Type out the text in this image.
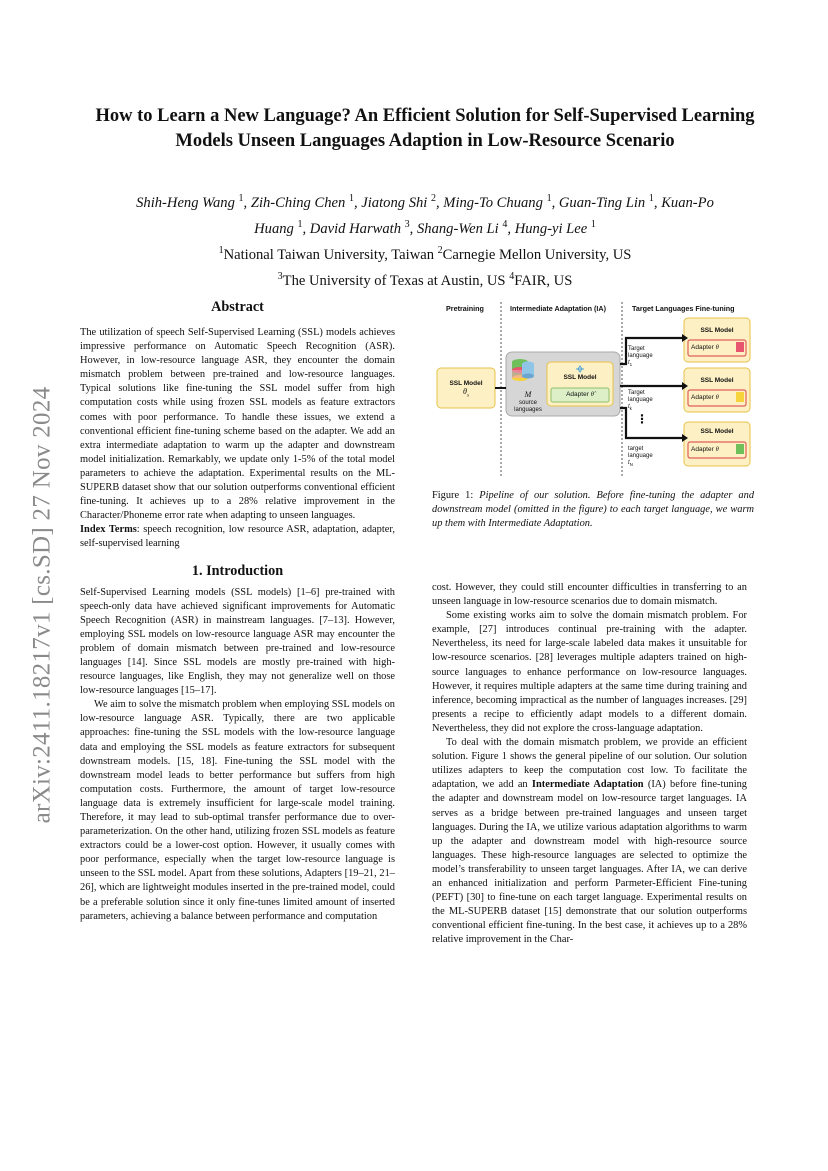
arXiv:2411.18217v1 [cs.SD] 27 Nov 2024
How to Learn a New Language? An Efficient Solution for Self-Supervised Learning Models Unseen Languages Adaption in Low-Resource Scenario
Shih-Heng Wang $^1$, Zih-Ching Chen $^1$, Jiatong Shi $^2$, Ming-To Chuang $^1$, Guan-Ting Lin $^1$, Kuan-Po
Huang $^1$, David Harwath $^3$, Shang-Wen Li $^4$, Hung-yi Lee $^1$

$^1$National Taiwan University, Taiwan $^2$Carnegie Mellon University, US

$^3$The University of Texas at Austin, US $^4$FAIR, US

Abstract

The utilization of speech Self-Supervised Learning (SSL) models achieves impressive performance on Automatic Speech Recognition (ASR). However, in low-resource language ASR, they encounter the domain mismatch problem between pre-trained and low-resource languages. Typical solutions like fine-tuning the SSL model suffer from high computation costs while using frozen SSL models as feature extractors comes with poor performance. To handle these issues, we extend a conventional efficient fine-tuning scheme based on the adapter. We add an extra intermediate adaptation to warm up the adapter and downstream model initialization. Remarkably, we update only 1-5% of the total model parameters to achieve the adaptation. Experimental results on the ML-SUPERB dataset show that our solution outperforms conventional efficient fine-tuning. It achieves up to a 28% relative improvement in the Character/Phoneme error rate when adapting to unseen languages.

Index Terms: speech recognition, low resource ASR, adaptation, adapter, self-supervised learning

1. Introduction

Self-Supervised Learning models (SSL models) [1–6] pre-trained with speech-only data have achieved significant improvements for Automatic Speech Recognition (ASR) in mainstream languages. [7–13]. However, employing SSL models on low-resource language ASR may encounter the problem of domain mismatch between pre-trained and low-resource languages [14]. Since SSL models are mostly pre-trained with high-resource languages, like English, they may not generalize well on those low-resource languages [15–17].

We aim to solve the mismatch problem when employing SSL models on low-resource language ASR. Typically, there are two applicable approaches: fine-tuning the SSL models with the low-resource language data and employing the SSL models as feature extractors for subsequent downstream models. [15, 18]. Fine-tuning the SSL model with the downstream model leads to better performance but suffers from high computation costs. Furthermore, the amount of target low-resource language data is extremely insufficient for large-scale model training. Therefore, it may lead to sub-optimal transfer performance due to over-parameterization. On the other hand, utilizing frozen SSL models as feature extractors could be a lower-cost option. However, it usually comes with poor performance, especially when the target low-resource language is unseen to the SSL model. Apart from these solutions, Adapters [19–21, 21–26], which are lightweight modules inserted in the pre-trained model, could be a preferable solution since it only fine-tunes limited amount of inserted parameters, achieving a balance between performance and computation

Pretraining	Intermediate Adaptation (IA)	Target Languages Fine-tuning
SSL Model
$\theta_s$
SSL Model
Adapter θ̂
M
source
languages
SSL Model
Adapter θ
SSL Model
Adapter θ
SSL Model
Adapter θ
Target
language
$t_1$
Target
language
$t_k$
⋮
target
language
$t_N$
Figure 1: Pipeline of our solution. Before fine-tuning the adapter and downstream model (omitted in the figure) to each target language, we warm up them with Intermediate Adaptation.

cost. However, they could still encounter difficulties in transferring to an unseen language in low-resource scenarios due to domain mismatch.

Some existing works aim to solve the domain mismatch problem. For example, [27] introduces continual pre-training with the adapter. Nevertheless, its need for large-scale labeled data makes it unsuitable for low-resource scenarios. [28] leverages multiple adapters trained on high-source languages to enhance performance on low-resource languages. However, it requires multiple adapters at the same time during training and inference, becoming impractical as the number of languages increases. [29] presents a recipe to efficiently adapt models to a different domain. Nevertheless, they did not explore the cross-language adaptation.

To deal with the domain mismatch problem, we provide an efficient solution. Figure 1 shows the general pipeline of our solution. Our solution utilizes adapters to keep the computation cost low. To facilitate the adaptation, we add an Intermediate Adaptation (IA) before fine-tuning the adapter and downstream model on low-resource target languages. IA serves as a bridge between pre-trained languages and unseen target languages. During the IA, we utilize various adaptation algorithms to warm up the adapter and downstream model with high-resource source languages. These high-resource languages are selected to optimize the model’s transferability to unseen target languages. After IA, we can derive an enhanced initialization and perform Parmeter-Efficient Fine-tuning (PEFT) [30] to fine-tune on each target language. Experimental results on the ML-SUPERB dataset [15] demonstrate that our solution outperforms conventional efficient fine-tuning. In the best case, it achieves up to a 28% relative improvement in the Char-
